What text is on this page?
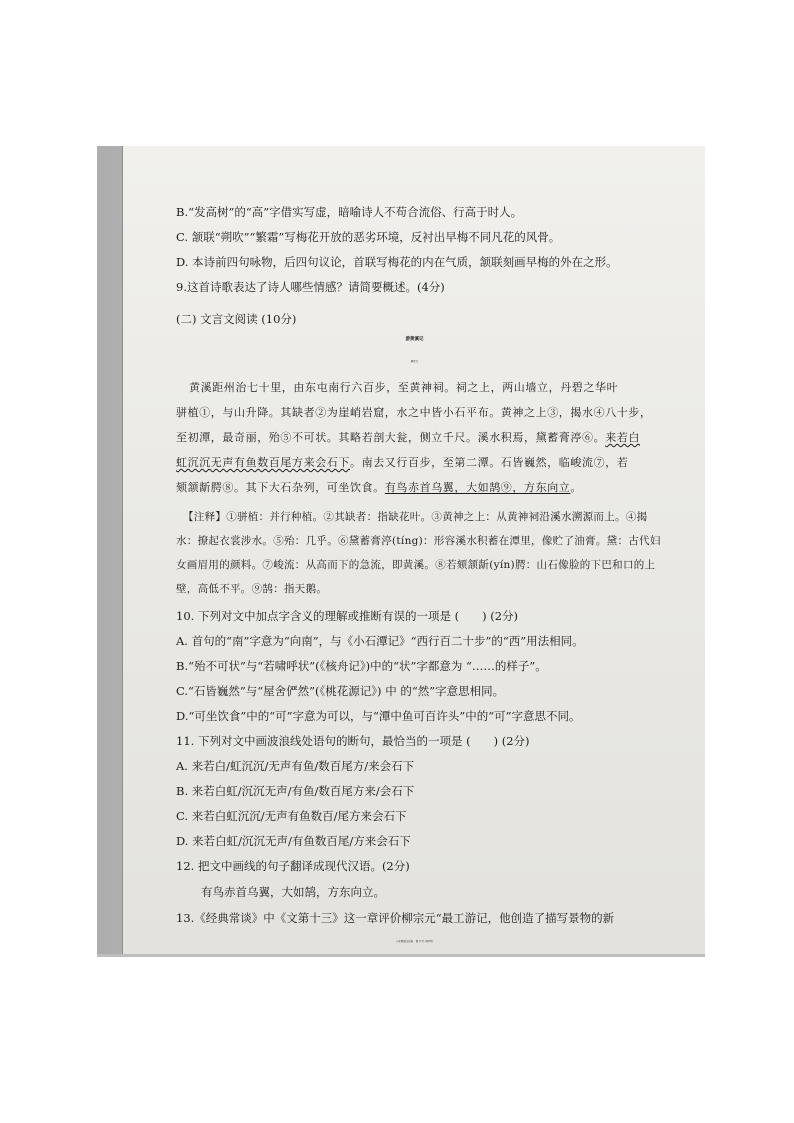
B.“发高树”的“高”字借实写虚，暗喻诗人不苟合流俗、行高于时人。
C. 颔联“朔吹”“繁霜”写梅花开放的恶劣环境，反衬出早梅不同凡花的风骨。
D. 本诗前四句咏物，后四句议论，首联写梅花的内在气质，颔联刻画早梅的外在之形。
9.这首诗歌表达了诗人哪些情感？请简要概述。(4分)
(二) 文言文阅读 (10分)
游黄溪记
柳宗元
黄溪距州治七十里，由东屯南行六百步，至黄神祠。祠之上，两山墙立，丹碧之华叶
骈植①，与山升降。其缺者②为崖峭岩窟，水之中皆小石平布。黄神之上③，揭水④八十步，
至初潭，最奇丽，殆⑤不可状。其略若剖大瓮，侧立千尺。溪水积焉，黛蓄膏渟⑥。来若白
虹沉沉无声有鱼数百尾方来会石下。南去又行百步，至第二潭。石皆巍然，临峻流⑦，若
颏颔龂腭⑧。其下大石杂列，可坐饮食。有鸟赤首乌翼，大如鹄⑨，方东向立。
【注释】①骈植：并行种植。②其缺者：指缺花叶。③黄神之上：从黄神祠沿溪水溯源而上。④揭
水：撩起衣裳涉水。⑤殆：几乎。⑥黛蓄膏渟(tíng)：形容溪水积蓄在潭里，像贮了油膏。黛：古代妇
女画眉用的颜料。⑦峻流：从高而下的急流，即黄溪。⑧若颏颔龂(yín)腭：山石像脸的下巴和口的上
壁，高低不平。⑨鹄：指天鹅。
10. 下列对文中加点字含义的理解或推断有误的一项是 (　　) (2分)
A. 首句的“南”字意为“向南”，与《小石潭记》“西行百二十步”的“西”用法相同。
B.“殆不可状”与“若啸呼状”(《核舟记》)中的“状”字都意为 “……的样子”。
C.“石皆巍然”与“屋舍俨然”(《桃花源记》) 中 的“然”字意思相同。
D.“可坐饮食”中的“可”字意为可以，与“潭中鱼可百许头”中的“可”字意思不同。
11. 下列对文中画波浪线处语句的断句，最恰当的一项是 (　　) (2分)
A. 来若白/虹沉沉/无声有鱼/数百尾方/来会石下
B. 来若白虹/沉沉无声/有鱼/数百尾方来/会石下
C. 来若白虹沉沉/无声有鱼数百/尾方来会石下
D. 来若白虹/沉沉无声/有鱼数百尾/方来会石下
12. 把文中画线的句子翻译成现代汉语。(2分)
有鸟赤首乌翼，大如鹄，方东向立。
13.《经典常谈》中《文第十三》这一章评价柳宗元“最工游记，他创造了描写景物的新
八年级语文试卷　第 3 页 (共8页)
